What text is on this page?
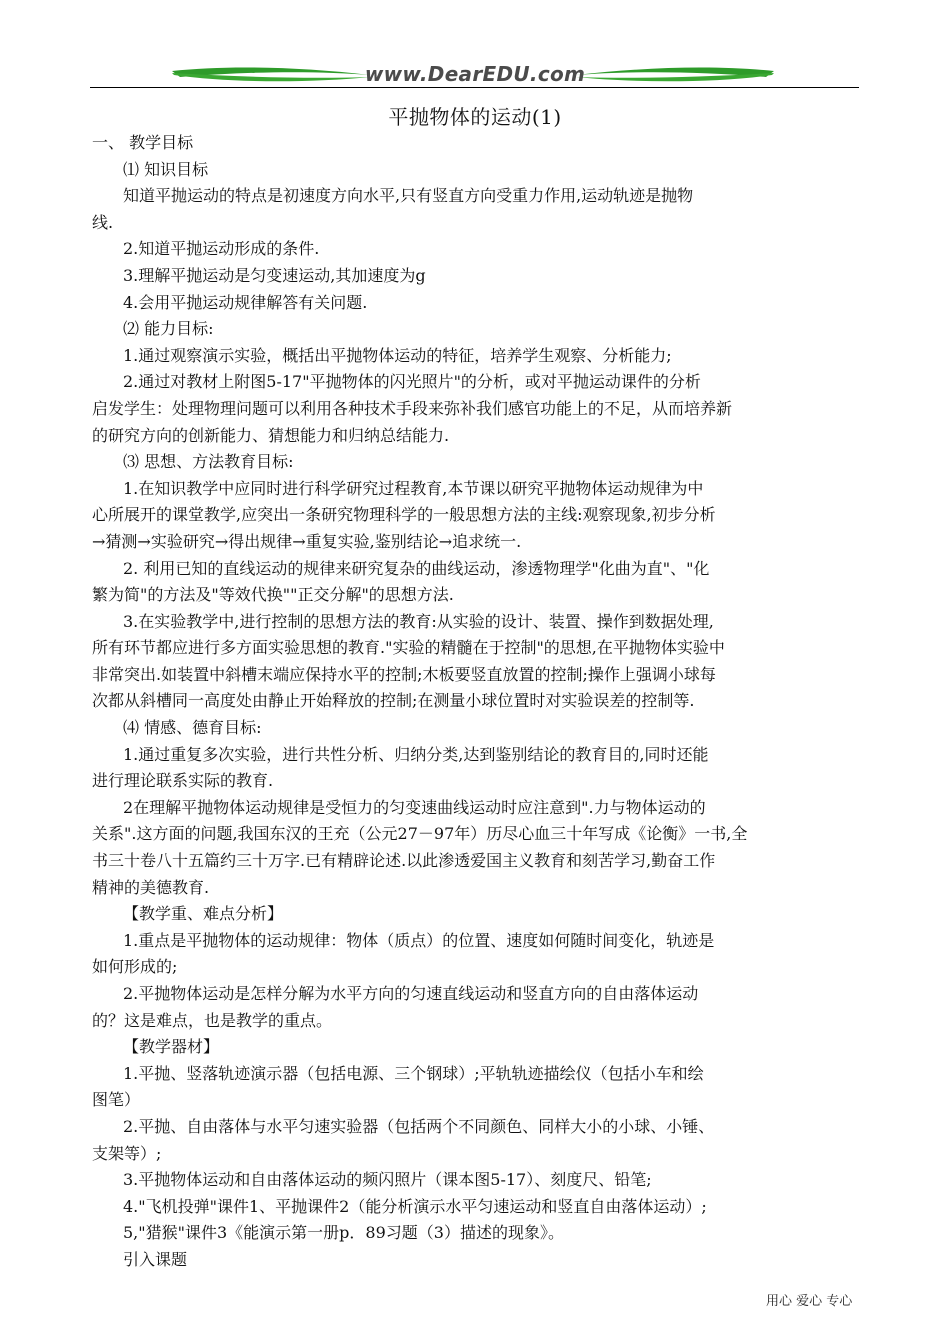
www.DearEDU.com
平抛物体的运动(1)
一、 教学目标
⑴ 知识目标
知道平抛运动的特点是初速度方向水平,只有竖直方向受重力作用,运动轨迹是抛物
线.
2.知道平抛运动形成的条件.
3.理解平抛运动是匀变速运动,其加速度为g
4.会用平抛运动规律解答有关问题.
⑵ 能力目标:
1.通过观察演示实验，概括出平抛物体运动的特征，培养学生观察、分析能力;
2.通过对教材上附图5-17"平抛物体的闪光照片"的分析，或对平抛运动课件的分析
启发学生：处理物理问题可以利用各种技术手段来弥补我们感官功能上的不足，从而培养新
的研究方向的创新能力、猜想能力和归纳总结能力.
⑶ 思想、方法教育目标:
1.在知识教学中应同时进行科学研究过程教育,本节课以研究平抛物体运动规律为中
心所展开的课堂教学,应突出一条研究物理科学的一般思想方法的主线:观察现象,初步分析
→猜测→实验研究→得出规律→重复实验,鉴别结论→追求统一.
2. 利用已知的直线运动的规律来研究复杂的曲线运动，渗透物理学"化曲为直"、"化
繁为简"的方法及"等效代换""正交分解"的思想方法.
3.在实验教学中,进行控制的思想方法的教育:从实验的设计、装置、操作到数据处理,
所有环节都应进行多方面实验思想的教育."实验的精髓在于控制"的思想,在平抛物体实验中
非常突出.如装置中斜槽末端应保持水平的控制;木板要竖直放置的控制;操作上强调小球每
次都从斜槽同一高度处由静止开始释放的控制;在测量小球位置时对实验误差的控制等.
⑷ 情感、德育目标:
1.通过重复多次实验，进行共性分析、归纳分类,达到鉴别结论的教育目的,同时还能
进行理论联系实际的教育.
2在理解平抛物体运动规律是受恒力的匀变速曲线运动时应注意到".力与物体运动的
关系".这方面的问题,我国东汉的王充（公元27－97年）历尽心血三十年写成《论衡》一书,全
书三十卷八十五篇约三十万字.已有精辟论述.以此渗透爱国主义教育和刻苦学习,勤奋工作
精神的美德教育.
【教学重、难点分析】
1.重点是平抛物体的运动规律：物体（质点）的位置、速度如何随时间变化，轨迹是
如何形成的;
2.平抛物体运动是怎样分解为水平方向的匀速直线运动和竖直方向的自由落体运动
的？这是难点，也是教学的重点。
【教学器材】
1.平抛、竖落轨迹演示器（包括电源、三个钢球）;平轨轨迹描绘仪（包括小车和绘
图笔）
2.平抛、自由落体与水平匀速实验器（包括两个不同颜色、同样大小的小球、小锤、
支架等）;
3.平抛物体运动和自由落体运动的频闪照片（课本图5-17）、刻度尺、铅笔;
4."飞机投弹"课件1、平抛课件2（能分析演示水平匀速运动和竖直自由落体运动）;
5,"猎猴"课件3《能演示第一册p．89习题（3）描述的现象》。
引入课题
用心 爱心 专心
